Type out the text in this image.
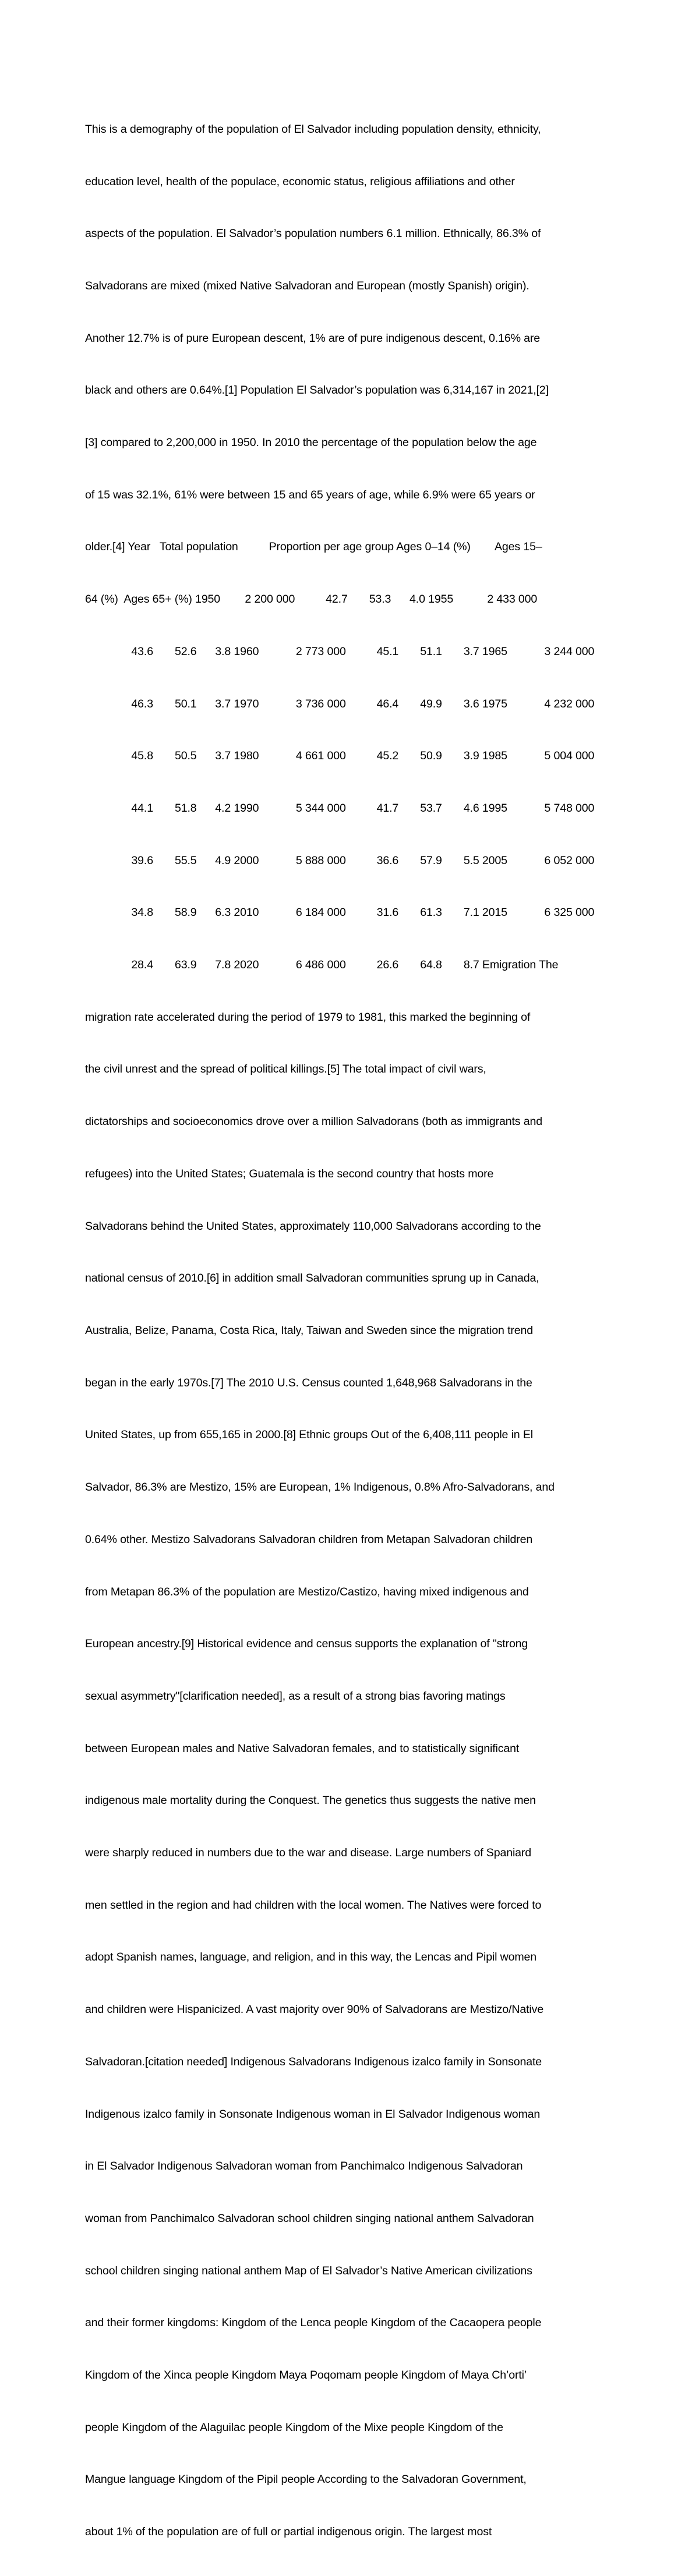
This is a demography of the population of El Salvador including population density, ethnicity,

education level, health of the populace, economic status, religious affiliations and other

aspects of the population. El Salvador’s population numbers 6.1 million. Ethnically, 86.3% of

Salvadorans are mixed (mixed Native Salvadoran and European (mostly Spanish) origin).

Another 12.7% is of pure European descent, 1% are of pure indigenous descent, 0.16% are

black and others are 0.64%.[1] Population El Salvador’s population was 6,314,167 in 2021,[2]

[3] compared to 2,200,000 in 1950. In 2010 the percentage of the population below the age

of 15 was 32.1%, 61% were between 15 and 65 years of age, while 6.9% were 65 years or

older.[4] Year   Total population          Proportion per age group Ages 0–14 (%)        Ages 15–

64 (%)  Ages 65+ (%) 1950        2 200 000          42.7       53.3      4.0 1955           2 433 000

43.6       52.6      3.8 1960            2 773 000          45.1       51.1       3.7 1965            3 244 000

46.3       50.1      3.7 1970            3 736 000          46.4       49.9       3.6 1975            4 232 000

45.8       50.5      3.7 1980            4 661 000          45.2       50.9       3.9 1985            5 004 000

44.1       51.8      4.2 1990            5 344 000          41.7       53.7       4.6 1995            5 748 000

39.6       55.5      4.9 2000            5 888 000          36.6       57.9       5.5 2005            6 052 000

34.8       58.9      6.3 2010            6 184 000          31.6       61.3       7.1 2015            6 325 000

28.4       63.9      7.8 2020            6 486 000          26.6       64.8       8.7 Emigration The

migration rate accelerated during the period of 1979 to 1981, this marked the beginning of

the civil unrest and the spread of political killings.[5] The total impact of civil wars,

dictatorships and socioeconomics drove over a million Salvadorans (both as immigrants and

refugees) into the United States; Guatemala is the second country that hosts more

Salvadorans behind the United States, approximately 110,000 Salvadorans according to the

national census of 2010.[6] in addition small Salvadoran communities sprung up in Canada,

Australia, Belize, Panama, Costa Rica, Italy, Taiwan and Sweden since the migration trend

began in the early 1970s.[7] The 2010 U.S. Census counted 1,648,968 Salvadorans in the

United States, up from 655,165 in 2000.[8] Ethnic groups Out of the 6,408,111 people in El

Salvador, 86.3% are Mestizo, 15% are European, 1% Indigenous, 0.8% Afro-Salvadorans, and

0.64% other. Mestizo Salvadorans Salvadoran children from Metapan Salvadoran children

from Metapan 86.3% of the population are Mestizo/Castizo, having mixed indigenous and

European ancestry.[9] Historical evidence and census supports the explanation of "strong

sexual asymmetry"[clarification needed], as a result of a strong bias favoring matings

between European males and Native Salvadoran females, and to statistically significant

indigenous male mortality during the Conquest. The genetics thus suggests the native men

were sharply reduced in numbers due to the war and disease. Large numbers of Spaniard

men settled in the region and had children with the local women. The Natives were forced to

adopt Spanish names, language, and religion, and in this way, the Lencas and Pipil women

and children were Hispanicized. A vast majority over 90% of Salvadorans are Mestizo/Native

Salvadoran.[citation needed] Indigenous Salvadorans Indigenous izalco family in Sonsonate

Indigenous izalco family in Sonsonate Indigenous woman in El Salvador Indigenous woman

in El Salvador Indigenous Salvadoran woman from Panchimalco Indigenous Salvadoran

woman from Panchimalco Salvadoran school children singing national anthem Salvadoran

school children singing national anthem Map of El Salvador’s Native American civilizations

and their former kingdoms: Kingdom of the Lenca people Kingdom of the Cacaopera people

Kingdom of the Xinca people Kingdom Maya Poqomam people Kingdom of Maya Ch’orti’

people Kingdom of the Alaguilac people Kingdom of the Mixe people Kingdom of the

Mangue language Kingdom of the Pipil people According to the Salvadoran Government,

about 1% of the population are of full or partial indigenous origin. The largest most
